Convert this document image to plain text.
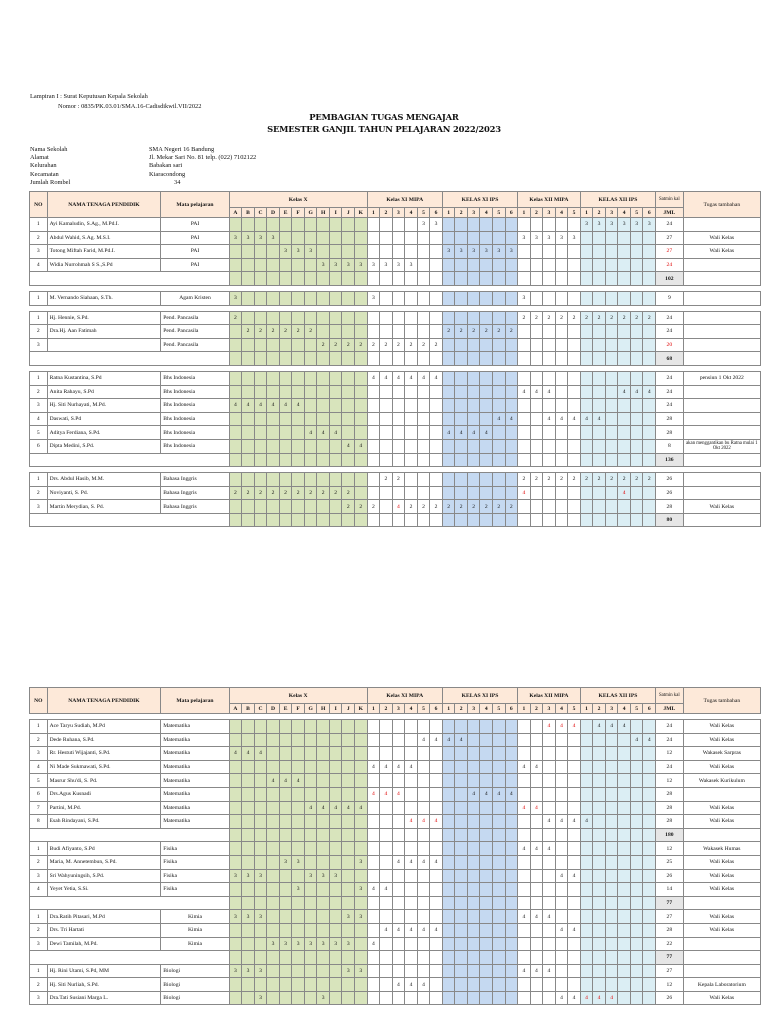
Lampiran I : Surat Keputusan Kepala Sekolah
Nomor : 0835/PK.03.01/SMA.16-Cadisdikwil.VII/2022
PEMBAGIAN TUGAS MENGAJAR
SEMESTER GANJIL TAHUN PELAJARAN 2022/2023
Nama Sekolah	SMA Negeri 16 Bandung
Alamat	Jl. Mekar Sari No. 81 telp. (022) 7102122
Kelurahan	Babakan sari
Kecamatan	Kiaracondong
Jumlah Rombel	34
NO	NAMA TENAGA PENDIDIK	Mata pelajaran	Kelas X											Kelas XI MIPA						KELAS XI IPS						Kelas XII MIPA					KELAS XII IPS						Satmin kal	Tugas tambahan
			A	B	C	D	E	F	G	H	I	J	K	1	2	3	4	5	6	1	2	3	4	5	6	1	2	3	4	5	1	2	3	4	5	6	JML	
1	Ayi Kamaludin, S.Ag., M.Pd.I.	PAI																3	3												3	3	3	3	3	3	24	
2	Abdul Wahid, S.Ag. M.S.I.	PAI	3	3	3	3																				3	3	3	3	3							27	Wali Kelas
3	Totong Miftah Farid, M.Pd.I.	PAI					3	3	3											3	3	3	3	3	3												27	Wali Kelas
4	Widia Nurrohmah S S.,S.Pd	PAI								3	3	3	3	3	3	3	3																				24	
																																					102	

1	M. Vernando Siahaan, S.Th.	Agam Kristen	3											3												3											9	

1	Hj. Hennie, S.Pd.	Pend. Pancasila	2																							2	2	2	2	2	2	2	2	2	2	2	24	
2	Dra.Hj. Aan Fatimah	Pend. Pancasila		2	2	2	2	2	2											2	2	2	2	2	2												24	
3		Pend. Pancasila								2	2	2	2	2	2	2	2	2	2																		20	
																																					68	

1	Ratna Kustantina, S.Pd	Bhs Indonesia												4	4	4	4	4	4																		24	pensiun 1 Okt 2022
2	Anita Rahayu, S.Pd	Bhs Indonesia																								4	4	4						4	4	4	24	
3	Hj. Siti Nurhayati, M.Pd.	Bhs Indonesia	4	4	4	4	4	4																													24	
4	Daswati, S.Pd	Bhs Indonesia																						4	4			4	4	4	4	4					28	
5	Aditya Ferdiana, S.Pd.	Bhs Indonesia							4	4	4									4	4	4	4														28	
6	Dipta Medini, S.Pd.	Bhs Indonesia										4	4																								8	akan menggantikan bu Ratna mulai 1 Okt 2022
																																					136	

1	Drs. Abdul Hasib, M.M.	Bahasa Inggris													2	2										2	2	2	2	2	2	2	2	2	2	2	26	
2	Noviyanti, S. Pd.	Bahasa Inggris	2	2	2	2	2	2	2	2	2	2														4								4			26	
3	Martin Merydian, S. Pd.	Bahasa Inggris										2	2	2		4	2	2	2	2	2	2	2	2	2												28	Wali Kelas
																																					80	
NO	NAMA TENAGA PENDIDIK	Mata pelajaran	Kelas X											Kelas XI MIPA						KELAS XI IPS						Kelas XII MIPA					KELAS XII IPS						Satmin kal	Tugas tambahan
			A	B	C	D	E	F	G	H	I	J	K	1	2	3	4	5	6	1	2	3	4	5	6	1	2	3	4	5	1	2	3	4	5	6	JML	

1	Ace Taryu Sudiah, M.Pd	Matematika																										4	4	4		4	4	4			24	Wali Kelas
2	Dede Ruhana, S.Pd.	Matematika																4	4	4	4														4	4	24	Wali Kelas
3	Rr. Hestuti Wijajanti, S.Pd.	Matematika	4	4	4																																12	Wakasek Sarpras
4	Ni Made Sukmawati, S.Pd.	Matematika												4	4	4	4									4	4										24	Wali Kelas
5	Masrur Shu'di, S. Pd.	Matematika				4	4	4																													12	Wakasek Kurikulum
6	Drs.Agus Kusnadi	Matematika												4	4	4						4	4	4	4												28	
7	Partini, M.Pd.	Matematika							4	4	4	4	4													4	4										28	Wali Kelas
8	Esah Rindayani, S.Pd.	Matematika															4	4	4									4	4	4	4						28	Wali Kelas
																																					180	
1	Budi Afiyanto, S.Pd	Fisika																								4	4	4									12	Wakasek Humas
2	Maria, M. Annetembun, S.Pd.	Fisika					3	3					3			4	4	4	4																		25	Wali Kelas
3	Sri Wahyuningsih, S.Pd.	Fisika	3	3	3				3	3	3																		4	4							26	Wali Kelas
4	Yeyet Yetia, S.Si.	Fisika						3					3	4	4																						14	Wali Kelas
																																					77	
1	Dra.Ratih Pitasari, M.Pd	Kimia	3	3	3							3	3													4	4	4									27	Wali Kelas
2	Drs. Tri Hartati	Kimia													4	4	4	4	4										4	4							28	Wali Kelas
3	Dewi Tamilah, M.Pd.	Kimia				3	3	3	3	3	3	3		4																							22	
																																					77	
1	Hj. Rini Utami, S.Pd, MM	Biologi	3	3	3							3	3													4	4	4									27	
2	Hj. Siti Nurliah, S.Pd.	Biologi														4	4	4																			12	Kepala Laboratorium
3	Dra.Tati Susiani Marga L.	Biologi			3					3																			4	4	4	4	4				26	Wali Kelas
